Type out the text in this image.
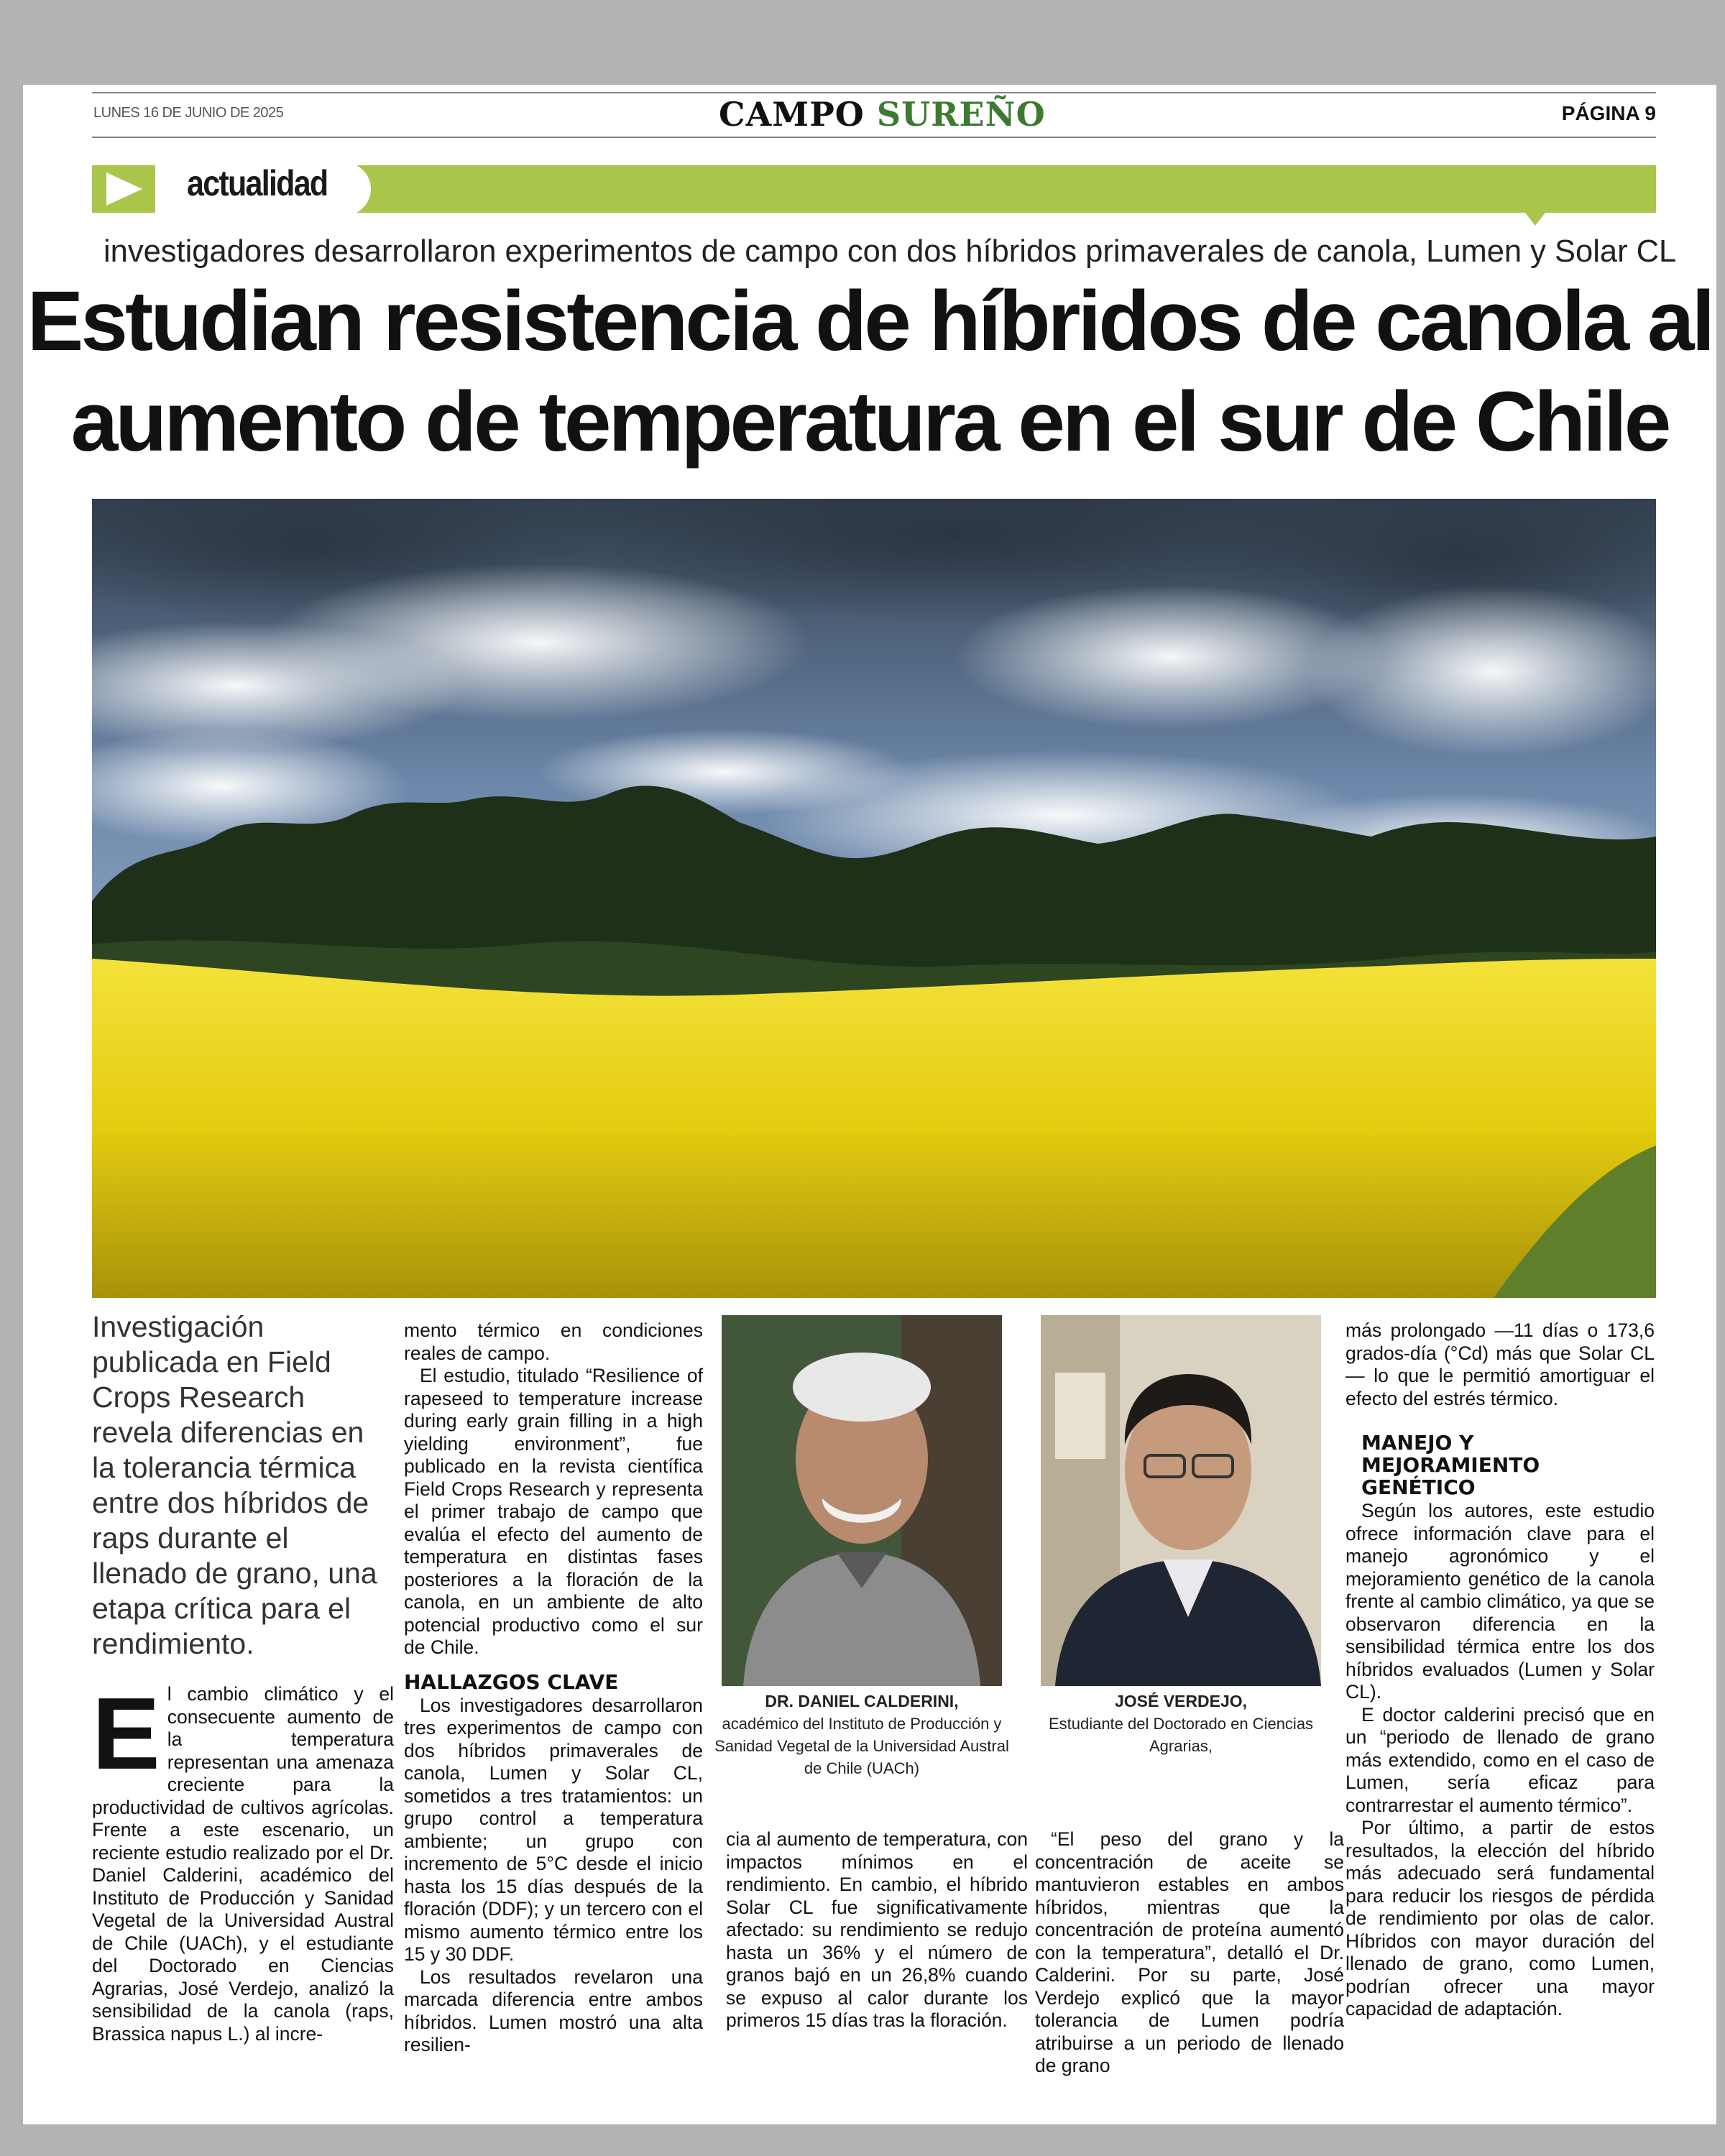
LUNES 16 DE JUNIO DE 2025	CAMPO SUREÑO	PÁGINA 9
actualidad
investigadores desarrollaron experimentos de campo con dos híbridos primaverales de canola, Lumen y Solar CL
Estudian resistencia de híbridos de canola al
aumento de temperatura en el sur de Chile
Investigación publicada en Field Crops Research revela diferencias en la tolerancia térmica entre dos híbridos de raps durante el llenado de grano, una etapa crítica para el rendimiento.
E l cambio climático y el consecuente aumento de la temperatura representan una amenaza creciente para la productividad de cultivos agrícolas. Frente a este escenario, un reciente estudio realizado por el Dr. Daniel Calderini, académico del Instituto de Producción y Sanidad Vegetal de la Universidad Austral de Chile (UACh), y el estudiante del Doctorado en Ciencias Agrarias, José Verdejo, analizó la sensibilidad de la canola (raps, Brassica napus L.) al incre-

mento térmico en condiciones reales de campo.

El estudio, titulado “Resilience of rapeseed to temperature increase during early grain filling in a high yielding environment”, fue publicado en la revista científica Field Crops Research y representa el primer trabajo de campo que evalúa el efecto del aumento de temperatura en distintas fases posteriores a la floración de la canola, en un ambiente de alto potencial productivo como el sur de Chile.

HALLAZGOS CLAVE

Los investigadores desarrollaron tres experimentos de campo con dos híbridos primaverales de canola, Lumen y Solar CL, sometidos a tres tratamientos: un grupo control a temperatura ambiente; un grupo con incremento de 5°C desde el inicio hasta los 15 días después de la floración (DDF); y un tercero con el mismo aumento térmico entre los 15 y 30 DDF.

Los resultados revelaron una marcada diferencia entre ambos híbridos. Lumen mostró una alta resilien-

DR. DANIEL CALDERINI,
académico del Instituto de Producción y Sanidad Vegetal de la Universidad Austral de Chile (UACh)
JOSÉ VERDEJO,
Estudiante del Doctorado en Ciencias Agrarias,

cia al aumento de temperatura, con impactos mínimos en el rendimiento. En cambio, el híbrido Solar CL fue significativamente afectado: su rendimiento se redujo hasta un 36% y el número de granos bajó en un 26,8% cuando se expuso al calor durante los primeros 15 días tras la floración.

“El peso del grano y la concentración de aceite se mantuvieron estables en ambos híbridos, mientras que la concentración de proteína aumentó con la temperatura”, detalló el Dr. Calderini. Por su parte, José Verdejo explicó que la mayor tolerancia de Lumen podría atribuirse a un periodo de llenado de grano

más prolongado —11 días o 173,6 grados-día (°Cd) más que Solar CL— lo que le permitió amortiguar el efecto del estrés térmico.

MANEJO Y MEJORAMIENTO GENÉTICO

Según los autores, este estudio ofrece información clave para el manejo agronómico y el mejoramiento genético de la canola frente al cambio climático, ya que se observaron diferencia en la sensibilidad térmica entre los dos híbridos evaluados (Lumen y Solar CL).

E doctor calderini precisó que en un “periodo de llenado de grano más extendido, como en el caso de Lumen, sería eficaz para contrarrestar el aumento térmico”.

Por último, a partir de estos resultados, la elección del híbrido más adecuado será fundamental para reducir los riesgos de pérdida de rendimiento por olas de calor. Híbridos con mayor duración del llenado de grano, como Lumen, podrían ofrecer una mayor capacidad de adaptación.
